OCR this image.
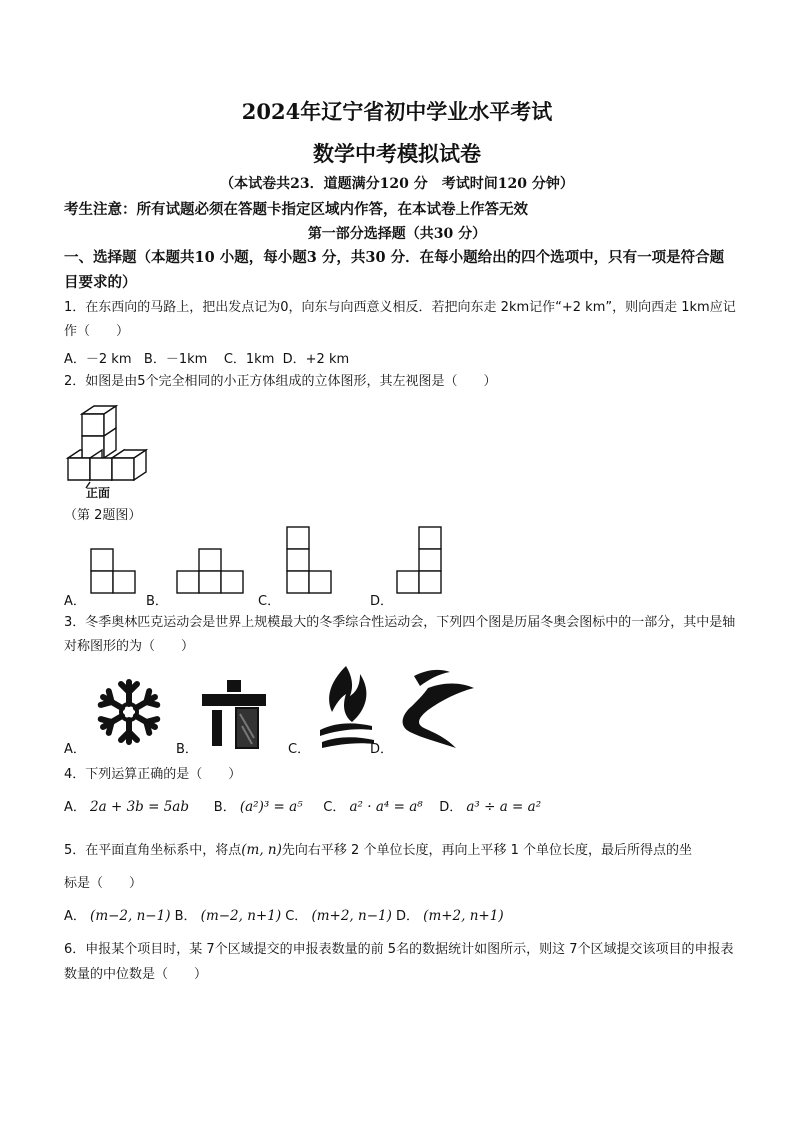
2024年辽宁省初中学业水平考试
数学中考模拟试卷
（本试卷共23．道题满分120 分　考试时间120 分钟）
考生注意：所有试题必须在答题卡指定区域内作答，在本试卷上作答无效
第一部分选择题（共30 分）
一、选择题（本题共10 小题，每小题3 分，共30 分．在每小题给出的四个选项中，只有一项是符合题目要求的）
1．在东西向的马路上，把出发点记为0，向东与向西意义相反．若把向东走 2km记作“+2 km”，则向西走 1km应记作（　　）
A．－2 km B．－1km C．1km D．+2 km
2．如图是由5个完全相同的小正方体组成的立体图形，其左视图是（　　）
正面
（第 2题图）
A．	B．	C．	D．
3．冬季奥林匹克运动会是世界上规模最大的冬季综合性运动会，下列四个图是历届冬奥会图标中的一部分，其中是轴对称图形的为（　　）
A．	B．	C．	D．
4．下列运算正确的是（　　）
A． 2a + 3b = 5ab B． (a²)³ = a⁵ C． a² · a⁴ = a⁸ D． a³ ÷ a = a²
5．在平面直角坐标系中，将点(m, n)先向右平移 2 个单位长度，再向上平移 1 个单位长度，最后所得点的坐
标是（　　）
A． (m−2, n−1) B． (m−2, n+1) C． (m+2, n−1) D． (m+2, n+1)
6．申报某个项目时，某 7个区域提交的申报表数量的前 5名的数据统计如图所示，则这 7个区域提交该项目的申报表数量的中位数是（　　）
